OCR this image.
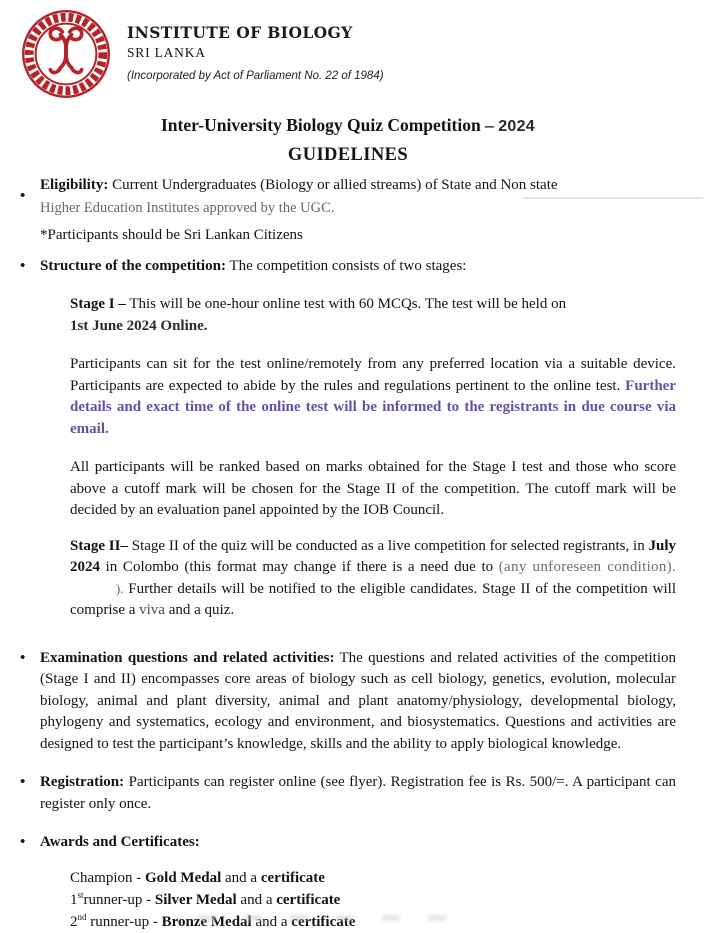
INSTITUTE OF BIOLOGY
SRI LANKA
(Incorporated by Act of Parliament No. 22 of 1984)
Inter-University Biology Quiz Competition – 2024
GUIDELINES
•
Eligibility: Current Undergraduates (Biology or allied streams) of State and Non state
Higher Education Institutes approved by the UGC.
*Participants should be Sri Lankan Citizens
•
Structure of the competition: The competition consists of two stages:

Stage I – This will be one-hour online test with 60 MCQs. The test will be held on
1st June 2024 Online.

Participants can sit for the test online/remotely from any preferred location via a suitable device. Participants are expected to abide by the rules and regulations pertinent to the online test. Further details and exact time of the online test will be informed to the registrants in due course via email.

All participants will be ranked based on marks obtained for the Stage I test and those who score above a cutoff mark will be chosen for the Stage II of the competition. The cutoff mark will be decided by an evaluation panel appointed by the IOB Council.

Stage II– Stage II of the quiz will be conducted as a live competition for selected registrants, in July 2024 in Colombo (this format may change if there is a need due to (any unforeseen condition).). Further details will be notified to the eligible candidates. Stage II of the competition will comprise a viva and a quiz.

•
Examination questions and related activities: The questions and related activities of the competition (Stage I and II) encompasses core areas of biology such as cell biology, genetics, evolution, molecular biology, animal and plant diversity, animal and plant anatomy/physiology, developmental biology, phylogeny and systematics, ecology and environment, and biosystematics. Questions and activities are designed to test the participant’s knowledge, skills and the ability to apply biological knowledge.
•
Registration: Participants can register online (see flyer). Registration fee is Rs. 500/=. A participant can register only once.
•
Awards and Certificates:
Champion - Gold Medal and a certificate
1strunner-up - Silver Medal and a certificate
2nd runner-up - Bronze Medal and a certificate
